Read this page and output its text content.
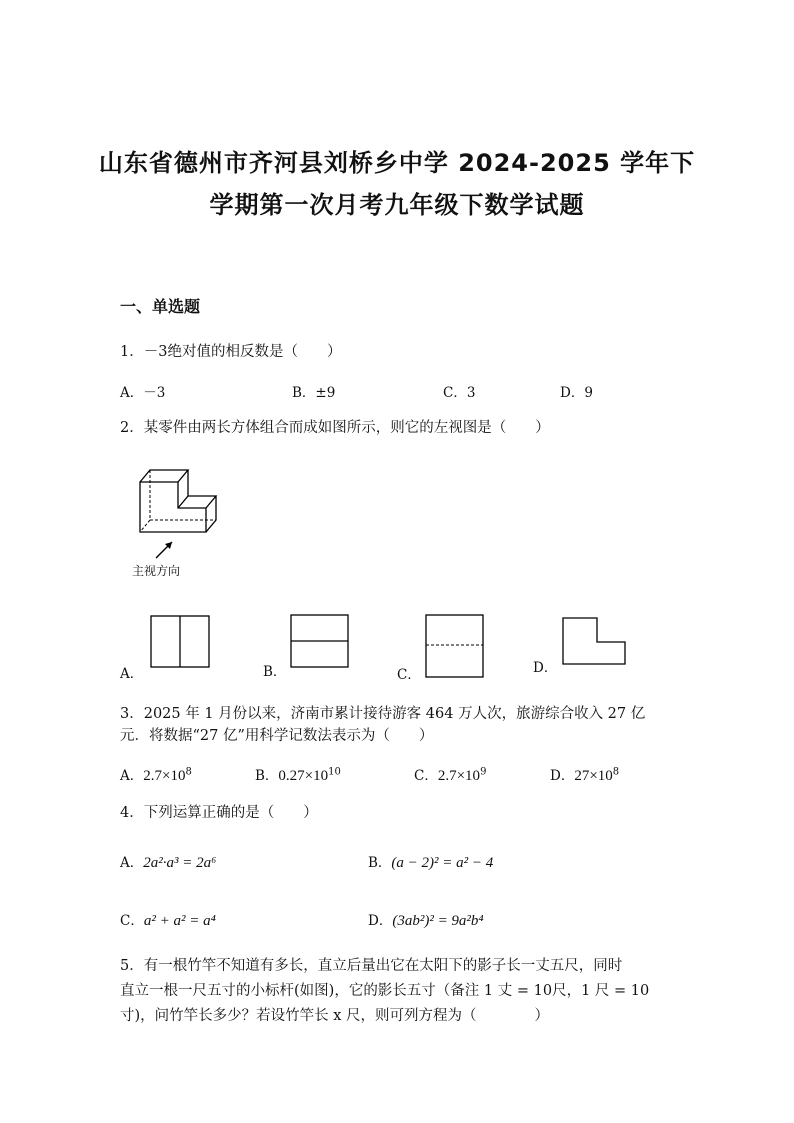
山东省德州市齐河县刘桥乡中学 2024-2025 学年下
学期第一次月考九年级下数学试题
一、单选题
1．－3绝对值的相反数是（　　）
A．－3	B．±9	C．3	D．9
2．某零件由两长方体组合而成如图所示，则它的左视图是（　　）
主视方向
A．	B．	C．	D．
3．2025 年 1 月份以来，济南市累计接待游客 464 万人次，旅游综合收入 27 亿
元．将数据“27 亿”用科学记数法表示为（　　）
A．$2.7\times 10^8$	B．$0.27\times 10^{10}$	C．$2.7\times 10^9$	D．$27\times 10^8$
4．下列运算正确的是（　　）
A．2a²·a³ = 2a⁶	B．(a − 2)² = a² − 4
C．a² + a² = a⁴	D．(3ab²)² = 9a²b⁴
5．有一根竹竿不知道有多长，直立后量出它在太阳下的影子长一丈五尺，同时
直立一根一尺五寸的小标杆(如图)，它的影长五寸（备注 1 丈 = 10尺，1 尺 = 10
寸)，问竹竿长多少？若设竹竿长 x 尺，则可列方程为（　　　　）
